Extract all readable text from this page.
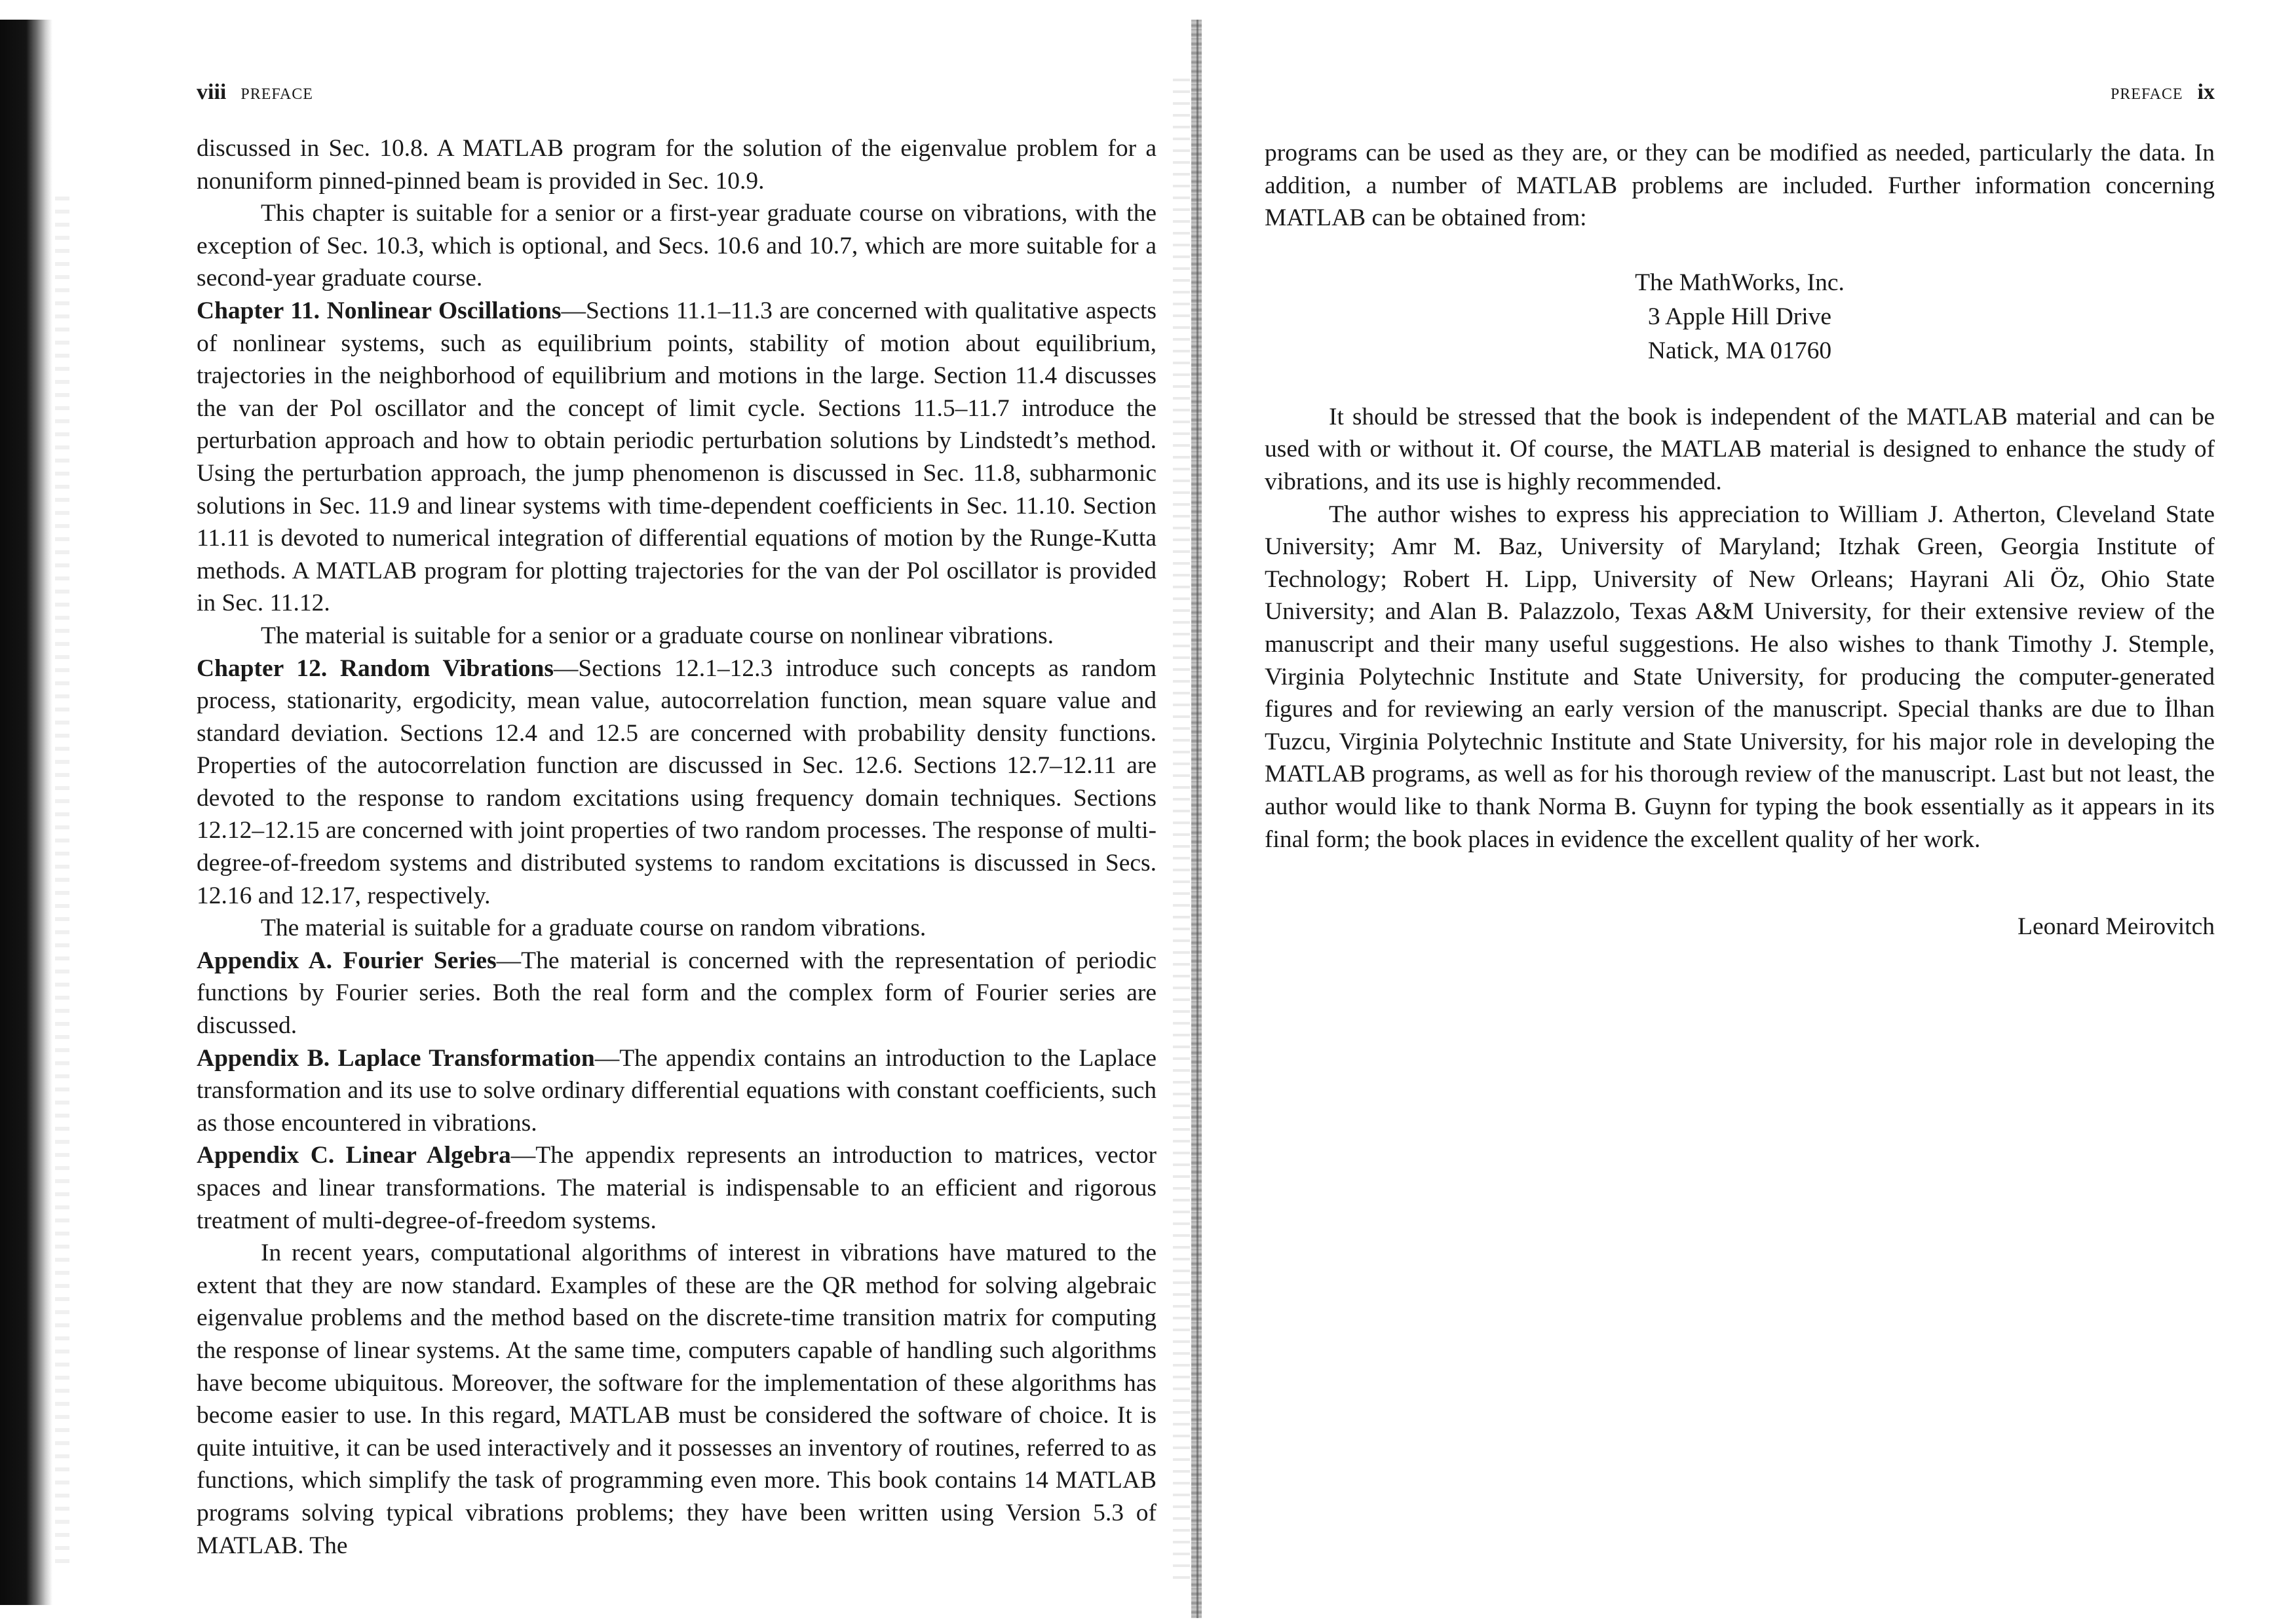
viii PREFACE

discussed in Sec. 10.8. A MATLAB program for the solution of the eigenvalue problem for a nonuniform pinned-pinned beam is provided in Sec. 10.9.

This chapter is suitable for a senior or a first-year graduate course on vibrations, with the exception of Sec. 10.3, which is optional, and Secs. 10.6 and 10.7, which are more suitable for a second-year graduate course.

Chapter 11. Nonlinear Oscillations—Sections 11.1–11.3 are concerned with qualitative aspects of nonlinear systems, such as equilibrium points, stability of motion about equilibrium, trajectories in the neighborhood of equilibrium and motions in the large. Section 11.4 discusses the van der Pol oscillator and the concept of limit cycle. Sections 11.5–11.7 introduce the perturbation approach and how to obtain periodic perturbation solutions by Lindstedt’s method. Using the perturbation approach, the jump phenomenon is discussed in Sec. 11.8, subharmonic solutions in Sec. 11.9 and linear systems with time-dependent coefficients in Sec. 11.10. Section 11.11 is devoted to numerical integration of differential equations of motion by the Runge-Kutta methods. A MATLAB program for plotting trajectories for the van der Pol oscillator is provided in Sec. 11.12.

The material is suitable for a senior or a graduate course on nonlinear vibrations.

Chapter 12. Random Vibrations—Sections 12.1–12.3 introduce such concepts as random process, stationarity, ergodicity, mean value, autocorrelation function, mean square value and standard deviation. Sections 12.4 and 12.5 are concerned with probability density functions. Properties of the autocorrelation function are discussed in Sec. 12.6. Sections 12.7–12.11 are devoted to the response to random excitations using frequency domain techniques. Sections 12.12–12.15 are concerned with joint properties of two random processes. The response of multi-degree-of-freedom systems and distributed systems to random excitations is discussed in Secs. 12.16 and 12.17, respectively.

The material is suitable for a graduate course on random vibrations.

Appendix A. Fourier Series—The material is concerned with the representation of periodic functions by Fourier series. Both the real form and the complex form of Fourier series are discussed.

Appendix B. Laplace Transformation—The appendix contains an introduction to the Laplace transformation and its use to solve ordinary differential equations with constant coefficients, such as those encountered in vibrations.

Appendix C. Linear Algebra—The appendix represents an introduction to matrices, vector spaces and linear transformations. The material is indispensable to an efficient and rigorous treatment of multi-degree-of-freedom systems.

In recent years, computational algorithms of interest in vibrations have matured to the extent that they are now standard. Examples of these are the QR method for solving algebraic eigenvalue problems and the method based on the discrete-time transition matrix for computing the response of linear systems. At the same time, computers capable of handling such algorithms have become ubiquitous. Moreover, the software for the implementation of these algorithms has become easier to use. In this regard, MATLAB must be considered the software of choice. It is quite intuitive, it can be used interactively and it possesses an inventory of routines, referred to as functions, which simplify the task of programming even more. This book contains 14 MATLAB programs solving typical vibrations problems; they have been written using Version 5.3 of MATLAB. The

PREFACE ix

programs can be used as they are, or they can be modified as needed, particularly the data. In addition, a number of MATLAB problems are included. Further information concerning MATLAB can be obtained from:

The MathWorks, Inc.
3 Apple Hill Drive
Natick, MA 01760

It should be stressed that the book is independent of the MATLAB material and can be used with or without it. Of course, the MATLAB material is designed to enhance the study of vibrations, and its use is highly recommended.

The author wishes to express his appreciation to William J. Atherton, Cleveland State University; Amr M. Baz, University of Maryland; Itzhak Green, Georgia Institute of Technology; Robert H. Lipp, University of New Orleans; Hayrani Ali Öz, Ohio State University; and Alan B. Palazzolo, Texas A&M University, for their extensive review of the manuscript and their many useful suggestions. He also wishes to thank Timothy J. Stemple, Virginia Polytechnic Institute and State University, for producing the computer-generated figures and for reviewing an early version of the manuscript. Special thanks are due to İlhan Tuzcu, Virginia Polytechnic Institute and State University, for his major role in developing the MATLAB programs, as well as for his thorough review of the manuscript. Last but not least, the author would like to thank Norma B. Guynn for typing the book essentially as it appears in its final form; the book places in evidence the excellent quality of her work.

Leonard Meirovitch
